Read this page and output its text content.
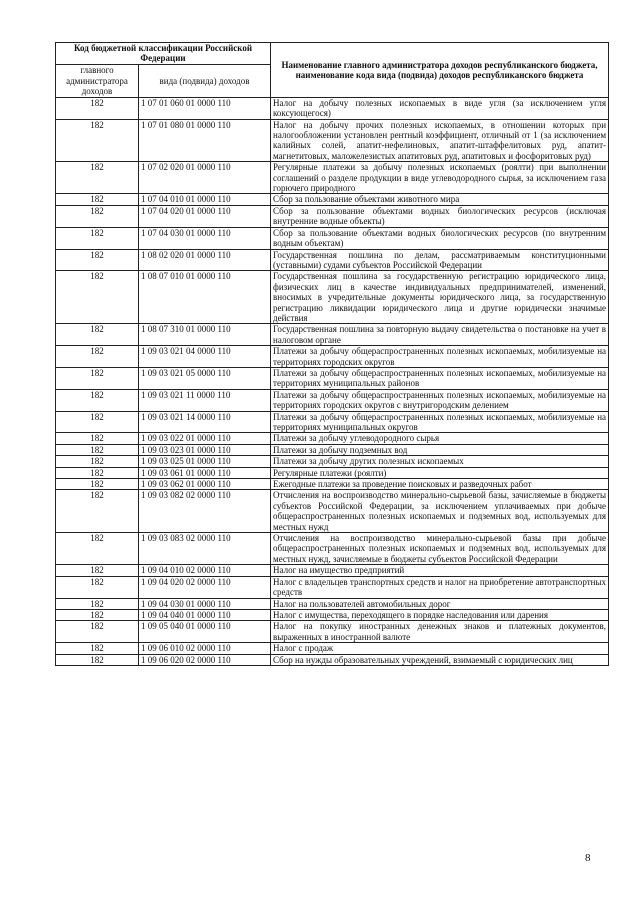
Код бюджетной классификации Российской Федерации		Наименование главного администратора доходов республиканского бюджета, наименование кода вида (подвида) доходов республиканского бюджета
главного администратора доходов	вида (подвида) доходов	
182	1 07 01 060 01 0000 110	Налог на добычу полезных ископаемых в виде угля (за исключением угля коксующегося)
182	1 07 01 080 01 0000 110	Налог на добычу прочих полезных ископаемых, в отношении которых при налогообложении установлен рентный коэффициент, отличный от 1 (за исключением калийных солей, апатит-нефелиновых, апатит-штаффелитовых руд, апатит-магнетитовых, маложелезистых апатитовых руд, апатитовых и фосфоритовых руд)
182	1 07 02 020 01 0000 110	Регулярные платежи за добычу полезных ископаемых (роялти) при выполнении соглашений о разделе продукции в виде углеводородного сырья, за исключением газа горючего природного
182	1 07 04 010 01 0000 110	Сбор за пользование объектами животного мира
182	1 07 04 020 01 0000 110	Сбор за пользование объектами водных биологических ресурсов (исключая внутренние водные объекты)
182	1 07 04 030 01 0000 110	Сбор за пользование объектами водных биологических ресурсов (по внутренним водным объектам)
182	1 08 02 020 01 0000 110	Государственная пошлина по делам, рассматриваемым конституционными (уставными) судами субъектов Российской Федерации
182	1 08 07 010 01 0000 110	Государственная пошлина за государственную регистрацию юридического лица, физических лиц в качестве индивидуальных предпринимателей, изменений, вносимых в учредительные документы юридического лица, за государственную регистрацию ликвидации юридического лица и другие юридически значимые действия
182	1 08 07 310 01 0000 110	Государственная пошлина за повторную выдачу свидетельства о постановке на учет в налоговом органе
182	1 09 03 021 04 0000 110	Платежи за добычу общераспространенных полезных ископаемых, мобилизуемые на территориях городских округов
182	1 09 03 021 05 0000 110	Платежи за добычу общераспространенных полезных ископаемых, мобилизуемые на территориях муниципальных районов
182	1 09 03 021 11 0000 110	Платежи за добычу общераспространенных полезных ископаемых, мобилизуемые на территориях городских округов с внутригородским делением
182	1 09 03 021 14 0000 110	Платежи за добычу общераспространенных полезных ископаемых, мобилизуемые на территориях муниципальных округов
182	1 09 03 022 01 0000 110	Платежи за добычу углеводородного сырья
182	1 09 03 023 01 0000 110	Платежи за добычу подземных вод
182	1 09 03 025 01 0000 110	Платежи за добычу других полезных ископаемых
182	1 09 03 061 01 0000 110	Регулярные платежи (роялти)
182	1 09 03 062 01 0000 110	Ежегодные платежи за проведение поисковых и разведочных работ
182	1 09 03 082 02 0000 110	Отчисления на воспроизводство минерально-сырьевой базы, зачисляемые в бюджеты субъектов Российской Федерации, за исключением уплачиваемых при добыче общераспространенных полезных ископаемых и подземных вод, используемых для местных нужд
182	1 09 03 083 02 0000 110	Отчисления на воспроизводство минерально-сырьевой базы при добыче общераспространенных полезных ископаемых и подземных вод, используемых для местных нужд, зачисляемые в бюджеты субъектов Российской Федерации
182	1 09 04 010 02 0000 110	Налог на имущество предприятий
182	1 09 04 020 02 0000 110	Налог с владельцев транспортных средств и налог на приобретение автотранспортных средств
182	1 09 04 030 01 0000 110	Налог на пользователей автомобильных дорог
182	1 09 04 040 01 0000 110	Налог с имущества, переходящего в порядке наследования или дарения
182	1 09 05 040 01 0000 110	Налог на покупку иностранных денежных знаков и платежных документов, выраженных в иностранной валюте
182	1 09 06 010 02 0000 110	Налог с продаж
182	1 09 06 020 02 0000 110	Сбор на нужды образовательных учреждений, взимаемый с юридических лиц
8
